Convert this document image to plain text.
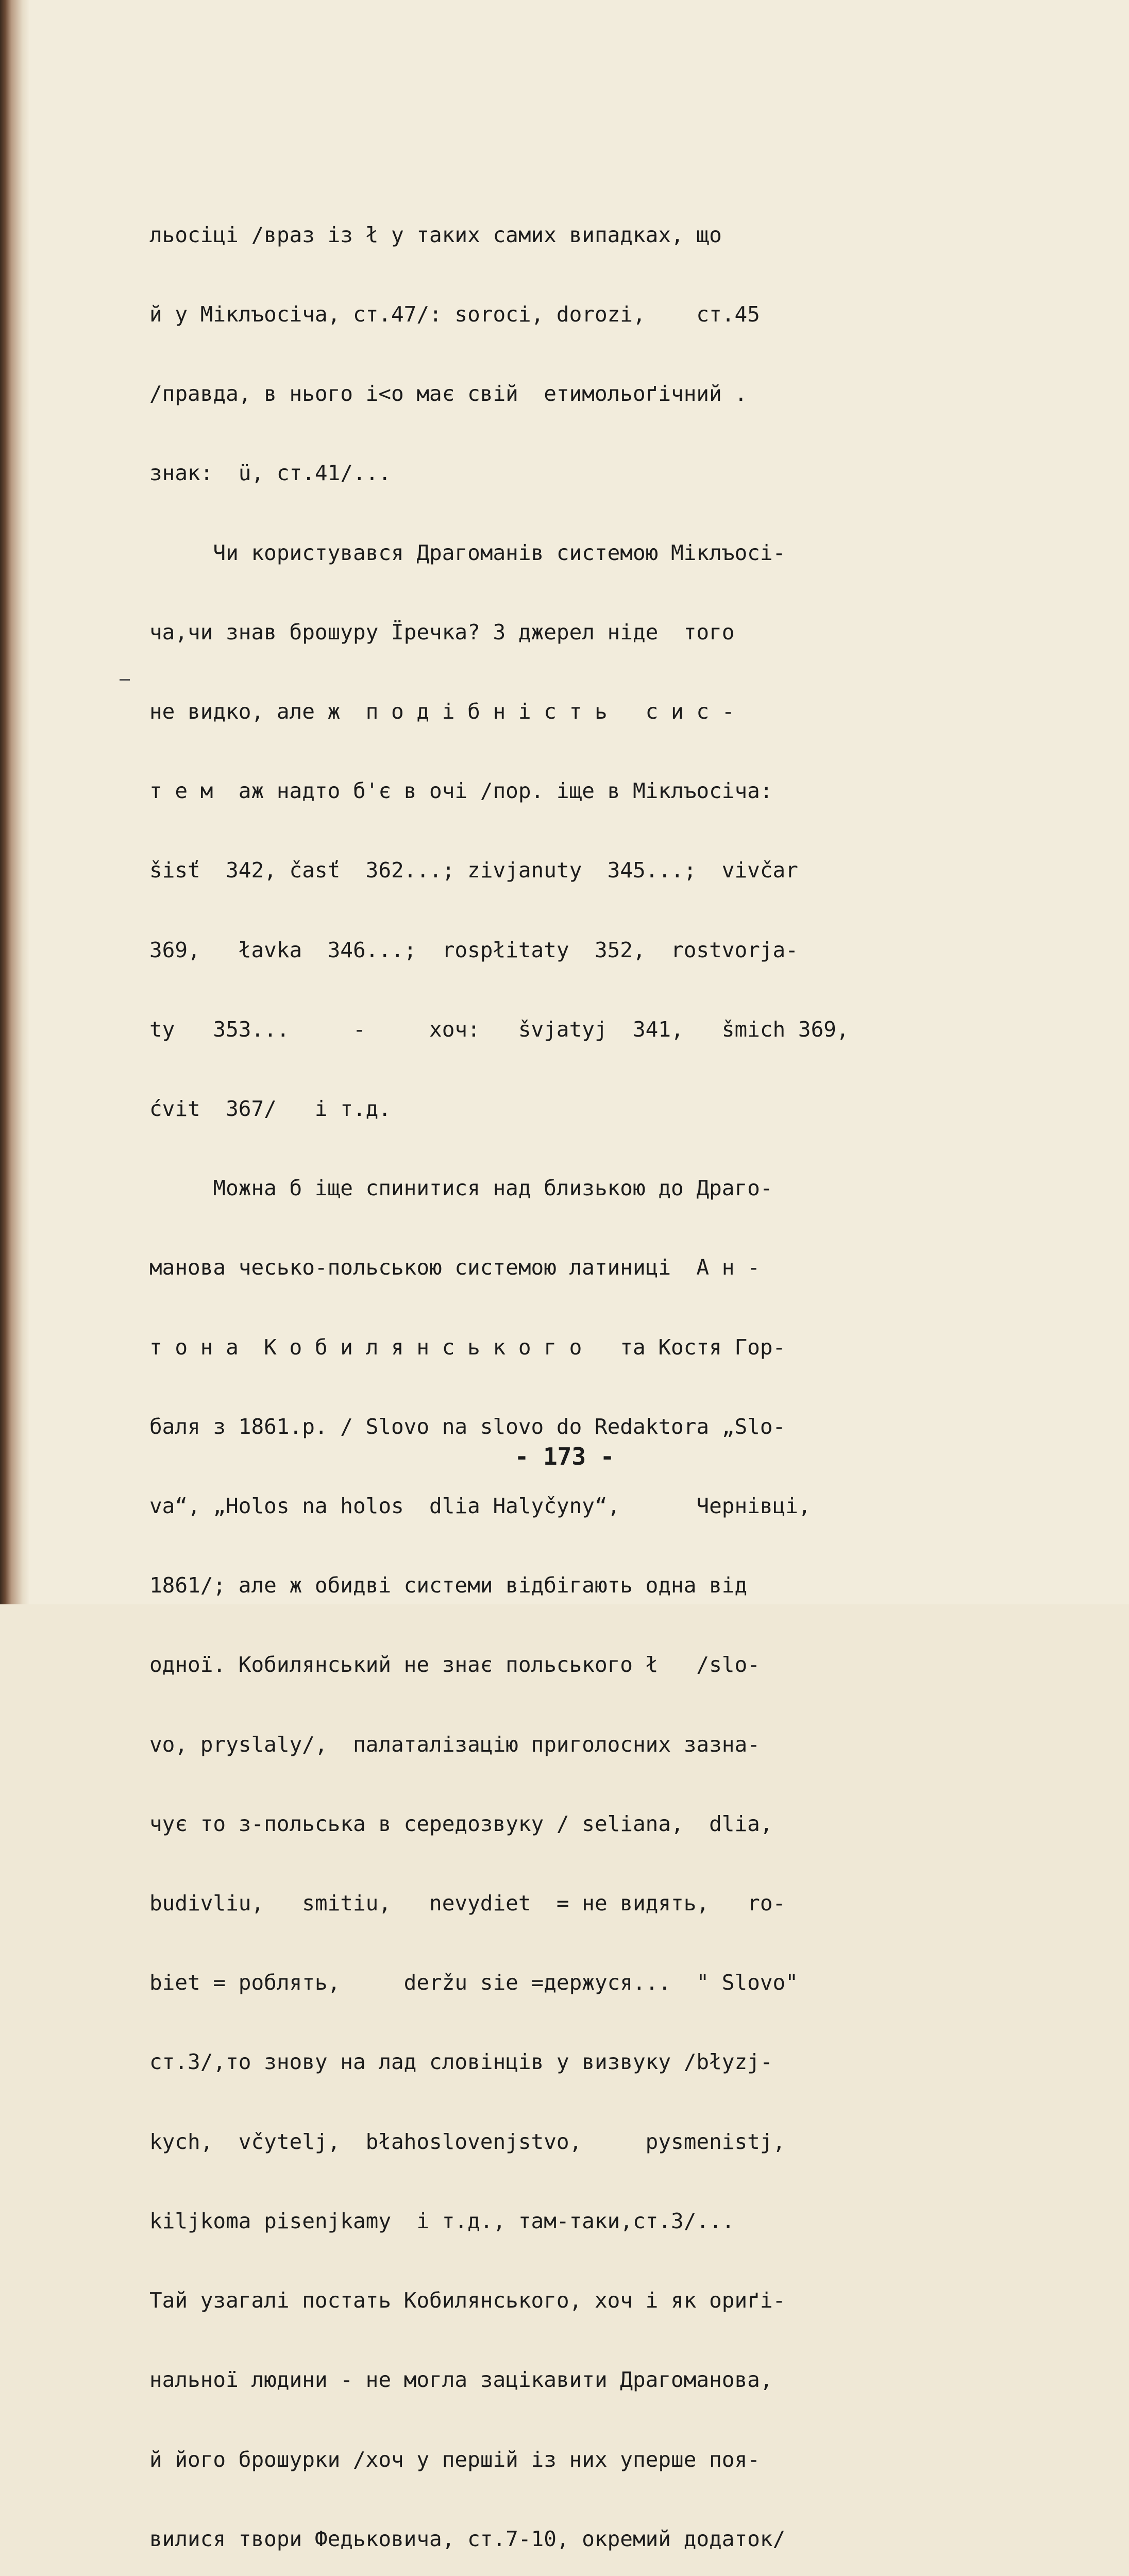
льосіці /враз із ł у таких самих випадках, що

й у Міклъосіча, ст.47/: soroci, dorozi,    ст.45

/правда, в нього і<о має свій  етимольоґічний .

знак:  ü, ст.41/...

Чи користувався Драгоманів системою Міклъосі-

ча,чи знав брошуру Їречка? З джерел ніде  того

не видко, але ж  п о д і б н і с т ь   с и с -

т е м  аж надто б'є в очі /пор. іще в Міклъосіча:

šisť  342, časť  362...; zivjanuty  345...;  vivčar

369,   łavka  346...;  rospłitaty  352,  rostvorja-

ty   353...     -     хоч:   švjatyj  341,   šmich 369,

ćvit  367/   і т.д.

Можна б іще спинитися над близькою до Драго-

манова чесько-польською системою латиниці  А н -

т о н а  К о б и л я н с ь к о г о   та Костя Гор-

баля з 1861.р. / Slovo na slovo do Redaktora „Slo-

va“, „Holos na holos  dlia Halyčyny“,      Чернівці,

1861/; але ж обидві системи відбігають одна від

одної. Кобилянський не знає польського ł   /slo-

vo, pryslaly/,  палаталізацію приголосних зазна-

чує то з-польська в середозвуку / seliana,  dlia,

budivliu,   smitiu,   nevydiet  = не видять,   ro-

biet = роблять,     deržu sie =держуся...  " Slovo"

ст.3/,то знову на лад словінців у визвуку /błyzj-

kych,  včytelj,  błahoslovenjstvo,     pysmenistj,

kiljkoma pisenjkamy  і т.д., там-таки,ст.3/...

Тай узагалі постать Кобилянського, хоч і як ориґі-

нальної людини - не могла зацікавити Драгоманова,

й його брошурки /хоч у першій із них уперше поя-

вилися твори Федьковича, ст.7-10, окремий додаток/

- 173 -
